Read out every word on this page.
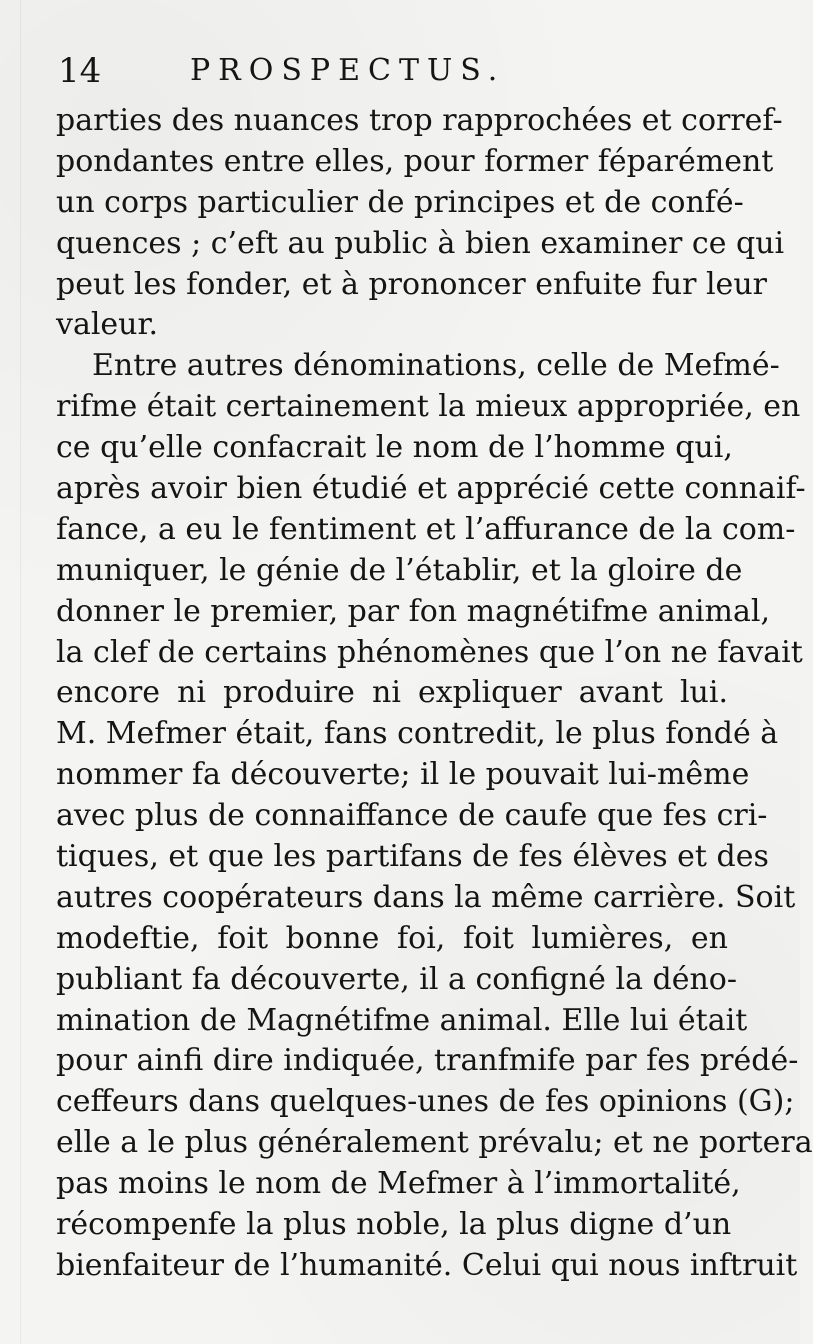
14	PROSPECTUS.
parties des nuances trop rapprochées et corref-
pondantes entre elles, pour former féparément
un corps particulier de principes et de confé-
quences ; c’eft au public à bien examiner ce qui
peut les fonder, et à prononcer enfuite fur leur
valeur.
Entre autres dénominations, celle de Mefmé-
rifme était certainement la mieux appropriée, en
ce qu’elle confacrait le nom de l’homme qui,
après avoir bien étudié et apprécié cette connaif-
fance, a eu le fentiment et l’affurance de la com-
muniquer, le génie de l’établir, et la gloire de
donner le premier, par fon magnétifme animal,
la clef de certains phénomènes que l’on ne favait
encore ni produire ni expliquer avant lui.
M. Mefmer était, fans contredit, le plus fondé à
nommer fa découverte; il le pouvait lui-même
avec plus de connaiffance de caufe que fes cri-
tiques, et que les partifans de fes élèves et des
autres coopérateurs dans la même carrière. Soit
modeftie, foit bonne foi, foit lumières, en
publiant fa découverte, il a configné la déno-
mination de Magnétifme animal. Elle lui était
pour ainfi dire indiquée, tranfmife par fes prédé-
ceffeurs dans quelques-unes de fes opinions (G);
elle a le plus généralement prévalu; et ne portera
pas moins le nom de Mefmer à l’immortalité,
récompenfe la plus noble, la plus digne d’un
bienfaiteur de l’humanité. Celui qui nous inftruit
